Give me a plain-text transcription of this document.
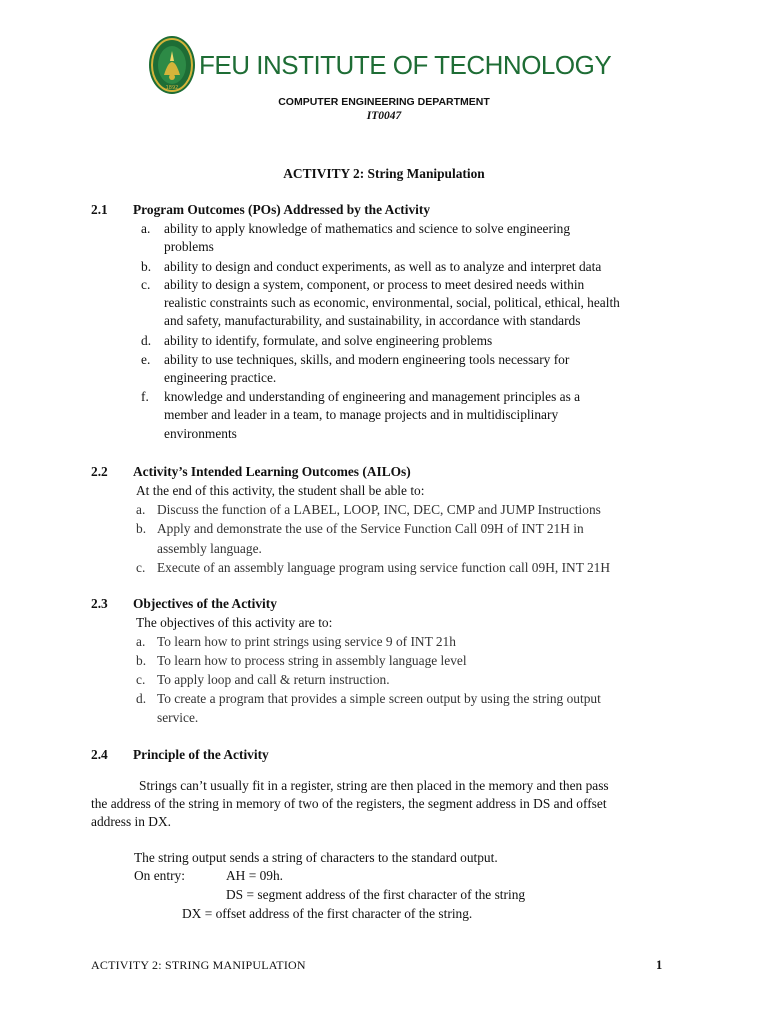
1892
FEU INSTITUTE OF TECHNOLOGY
COMPUTER ENGINEERING DEPARTMENT
IT0047
ACTIVITY 2: String Manipulation
2.1 Program Outcomes (POs) Addressed by the Activity
a. ability to apply knowledge of mathematics and science to solve engineering
problems
b. ability to design and conduct experiments, as well as to analyze and interpret data
c. ability to design a system, component, or process to meet desired needs within
realistic constraints such as economic, environmental, social, political, ethical, health
and safety, manufacturability, and sustainability, in accordance with standards
d. ability to identify, formulate, and solve engineering problems
e. ability to use techniques, skills, and modern engineering tools necessary for
engineering practice.
f. knowledge and understanding of engineering and management principles as a
member and leader in a team, to manage projects and in multidisciplinary
environments
2.2 Activity’s Intended Learning Outcomes (AILOs)
At the end of this activity, the student shall be able to:
a. Discuss the function of a LABEL, LOOP, INC, DEC, CMP and JUMP Instructions
b. Apply and demonstrate the use of the Service Function Call 09H of INT 21H in
assembly language.
c. Execute of an assembly language program using service function call 09H, INT 21H
2.3 Objectives of the Activity
The objectives of this activity are to:
a. To learn how to print strings using service 9 of INT 21h
b. To learn how to process string in assembly language level
c. To apply loop and call & return instruction.
d. To create a program that provides a simple screen output by using the string output
service.
2.4 Principle of the Activity
Strings can’t usually fit in a register, string are then placed in the memory and then pass
the address of the string in memory of two of the registers, the segment address in DS and offset
address in DX.
The string output sends a string of characters to the standard output.
On entry:	AH = 09h.
DS = segment address of the first character of the string
DX = offset address of the first character of the string.
ACTIVITY 2: STRING MANIPULATION	1
